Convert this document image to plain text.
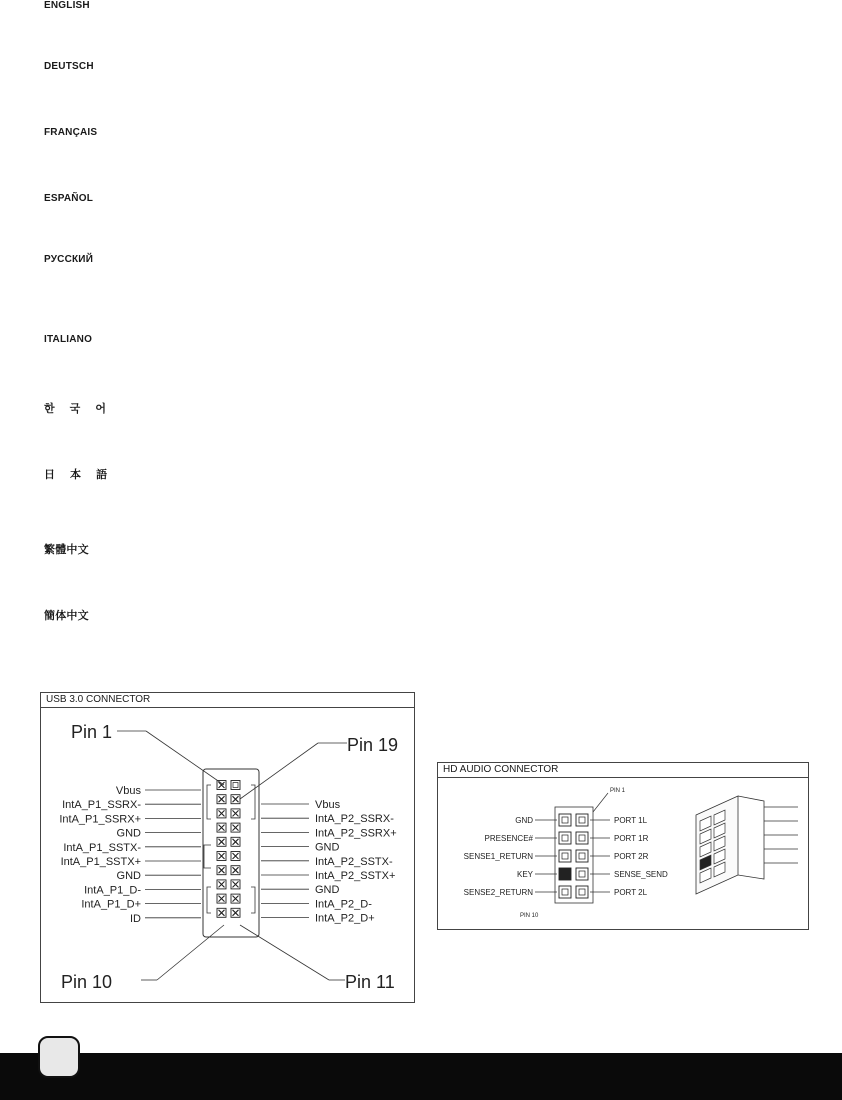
ENGLISH
DEUTSCH
FRANÇAIS
ESPAÑOL
РУССКИЙ
ITALIANO
한 국 어
日 本 語
繁體中文
簡体中文
USB 3.0 CONNECTOR
Pin 1
Pin 19
Pin 10	Pin 11
Vbus
IntA_P1_SSRX-
IntA_P1_SSRX+
GND
IntA_P1_SSTX-
IntA_P1_SSTX+
GND
IntA_P1_D-
IntA_P1_D+
ID
Vbus
IntA_P2_SSRX-
IntA_P2_SSRX+
GND
IntA_P2_SSTX-
IntA_P2_SSTX+
GND
IntA_P2_D-
IntA_P2_D+
HD AUDIO CONNECTOR
PIN 1
PIN 10
GND
PRESENCE#
SENSE1_RETURN
KEY
SENSE2_RETURN
PORT 1L
PORT 1R
PORT 2R
SENSE_SEND
PORT 2L
